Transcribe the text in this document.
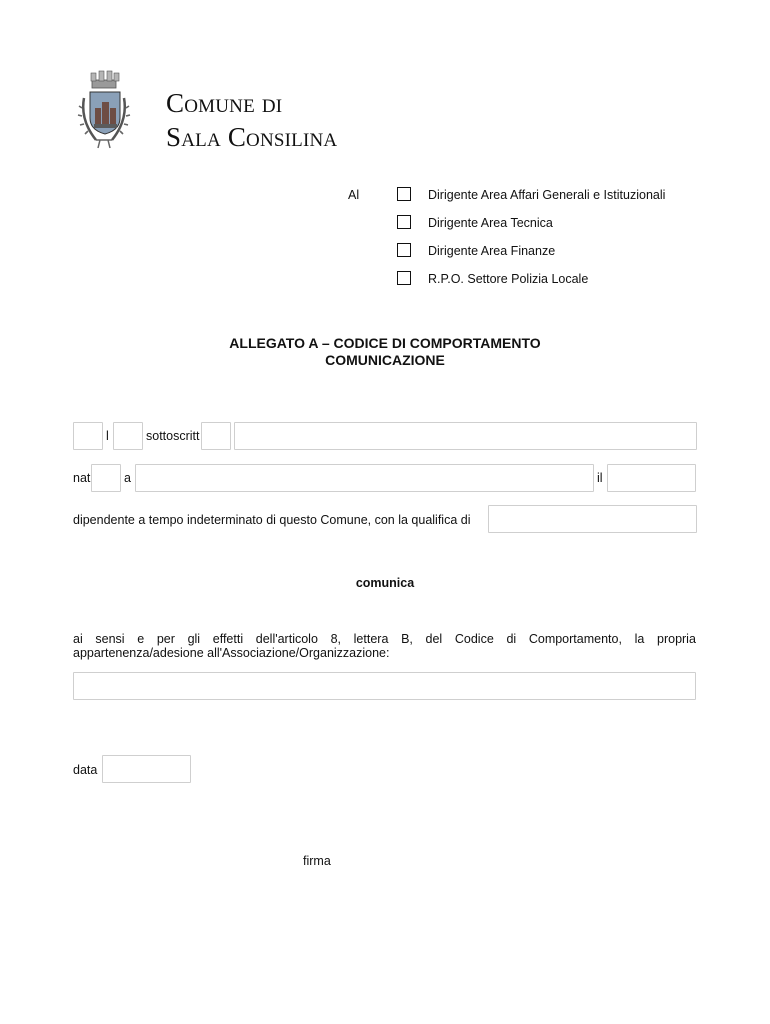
Comune di
Sala Consilina
Al	Dirigente Area Affari Generali e Istituzionali
Dirigente Area Tecnica
Dirigente Area Finanze
R.P.O. Settore Polizia Locale
ALLEGATO A – CODICE DI COMPORTAMENTO
COMUNICAZIONE
l	sottoscritt
nat	a	il
dipendente a tempo indeterminato di questo Comune, con la qualifica di
comunica
ai sensi e per gli effetti dell'articolo 8, lettera B, del Codice di Comportamento, la propria
appartenenza/adesione all'Associazione/Organizzazione:
data
firma
